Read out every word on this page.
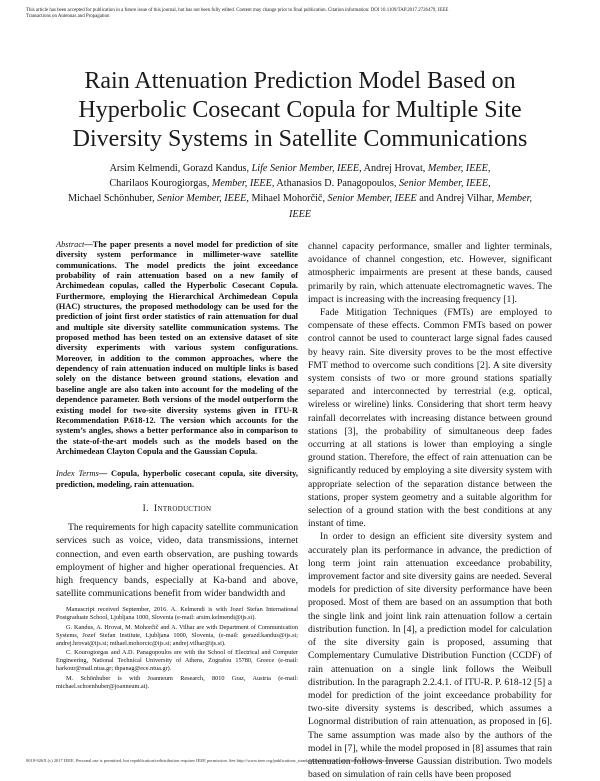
This article has been accepted for publication in a future issue of this journal, but has not been fully edited. Content may change prior to final publication. Citation information: DOI 10.1109/TAP.2017.2726479, IEEE
Transactions on Antennas and Propagation
Rain Attenuation Prediction Model Based on Hyperbolic Cosecant Copula for Multiple Site Diversity Systems in Satellite Communications
Arsim Kelmendi, Gorazd Kandus, Life Senior Member, IEEE, Andrej Hrovat, Member, IEEE,
Charilaos Kourogiorgas, Member, IEEE, Athanasios D. Panagopoulos, Senior Member, IEEE,
Michael Schönhuber, Senior Member, IEEE, Mihael Mohorčič, Senior Member, IEEE and Andrej Vilhar, Member, IEEE

Abstract—The paper presents a novel model for prediction of site diversity system performance in millimeter-wave satellite communications. The model predicts the joint exceedance probability of rain attenuation based on a new family of Archimedean copulas, called the Hyperbolic Cosecant Copula. Furthermore, employing the Hierarchical Archimedean Copula (HAC) structures, the proposed methodology can be used for the prediction of joint first order statistics of rain attenuation for dual and multiple site diversity satellite communication systems. The proposed method has been tested on an extensive dataset of site diversity experiments with various system configurations. Moreover, in addition to the common approaches, where the dependency of rain attenuation induced on multiple links is based solely on the distance between ground stations, elevation and baseline angle are also taken into account for the modeling of the dependence parameter. Both versions of the model outperform the existing model for two-site diversity systems given in ITU-R Recommendation P.618-12. The version which accounts for the system’s angles, shows a better performance also in comparison to the state-of-the-art models such as the models based on the Archimedean Clayton Copula and the Gaussian Copula.

Index Terms— Copula, hyperbolic cosecant copula, site diversity, prediction, modeling, rain attenuation.

I. Introduction

The requirements for high capacity satellite communication services such as voice, video, data transmissions, internet connection, and even earth observation, are pushing towards employment of higher and higher operational frequencies. At high frequency bands, especially at Ka-band and above, satellite communications benefit from wider bandwidth and

Manuscript received September, 2016. A. Kelmendi is with Jozef Stefan International Postgraduate School, Ljubljana 1000, Slovenia (e-mail: arsim.kelmendi@ijs.si).

G. Kandus, A. Hrovat, M. Mohorčič and A. Vilhar are with Department of Communication Systems, Jozef Stefan Institute, Ljubljana 1000, Slovenia, (e-mail: gorazd.kandus@ijs.si; andrej.hrovat@ijs.si; mihael.mohorcic@ijs.si; andrej.vilhar@ijs.si).

C. Kourogiorgas and A.D. Panagopoulos are with the School of Electrical and Computer Engineering, National Technical University of Athens, Zografou 15780, Greece (e-mail: harkour@mail.ntua.gr; thpanag@ece.ntua.gr).

M. Schönhuber is with Joanneum Research, 8010 Graz, Austria (e-mail: michael.schoenhuber@joanneum.at).

channel capacity performance, smaller and lighter terminals, avoidance of channel congestion, etc. However, significant atmospheric impairments are present at these bands, caused primarily by rain, which attenuate electromagnetic waves. The impact is increasing with the increasing frequency [1].

Fade Mitigation Techniques (FMTs) are employed to compensate of these effects. Common FMTs based on power control cannot be used to counteract large signal fades caused by heavy rain. Site diversity proves to be the most effective FMT method to overcome such conditions [2]. A site diversity system consists of two or more ground stations spatially separated and interconnected by terrestrial (e.g. optical, wireless or wireline) links. Considering that short term heavy rainfall decorrelates with increasing distance between ground stations [3], the probability of simultaneous deep fades occurring at all stations is lower than employing a single ground station. Therefore, the effect of rain attenuation can be significantly reduced by employing a site diversity system with appropriate selection of the separation distance between the stations, proper system geometry and a suitable algorithm for selection of a ground station with the best conditions at any instant of time.

In order to design an efficient site diversity system and accurately plan its performance in advance, the prediction of long term joint rain attenuation exceedance probability, improvement factor and site diversity gains are needed. Several models for prediction of site diversity performance have been proposed. Most of them are based on an assumption that both the single link and joint link rain attenuation follow a certain distribution function. In [4], a prediction model for calculation of the site diversity gain is proposed, assuming that Complementary Cumulative Distribution Function (CCDF) of rain attenuation on a single link follows the Weibull distribution. In the paragraph 2.2.4.1. of ITU-R. P. 618-12 [5] a model for prediction of the joint exceedance probability for two-site diversity systems is described, which assumes a Lognormal distribution of rain attenuation, as proposed in [6]. The same assumption was made also by the authors of the model in [7], while the model proposed in [8] assumes that rain attenuation follows Inverse Gaussian distribution. Two models based on simulation of rain cells have been proposed

0018-926X (c) 2017 IEEE. Personal use is permitted, but republication/redistribution requires IEEE permission. See http://www.ieee.org/publications_standards/publications/rights/index.html for more information.
